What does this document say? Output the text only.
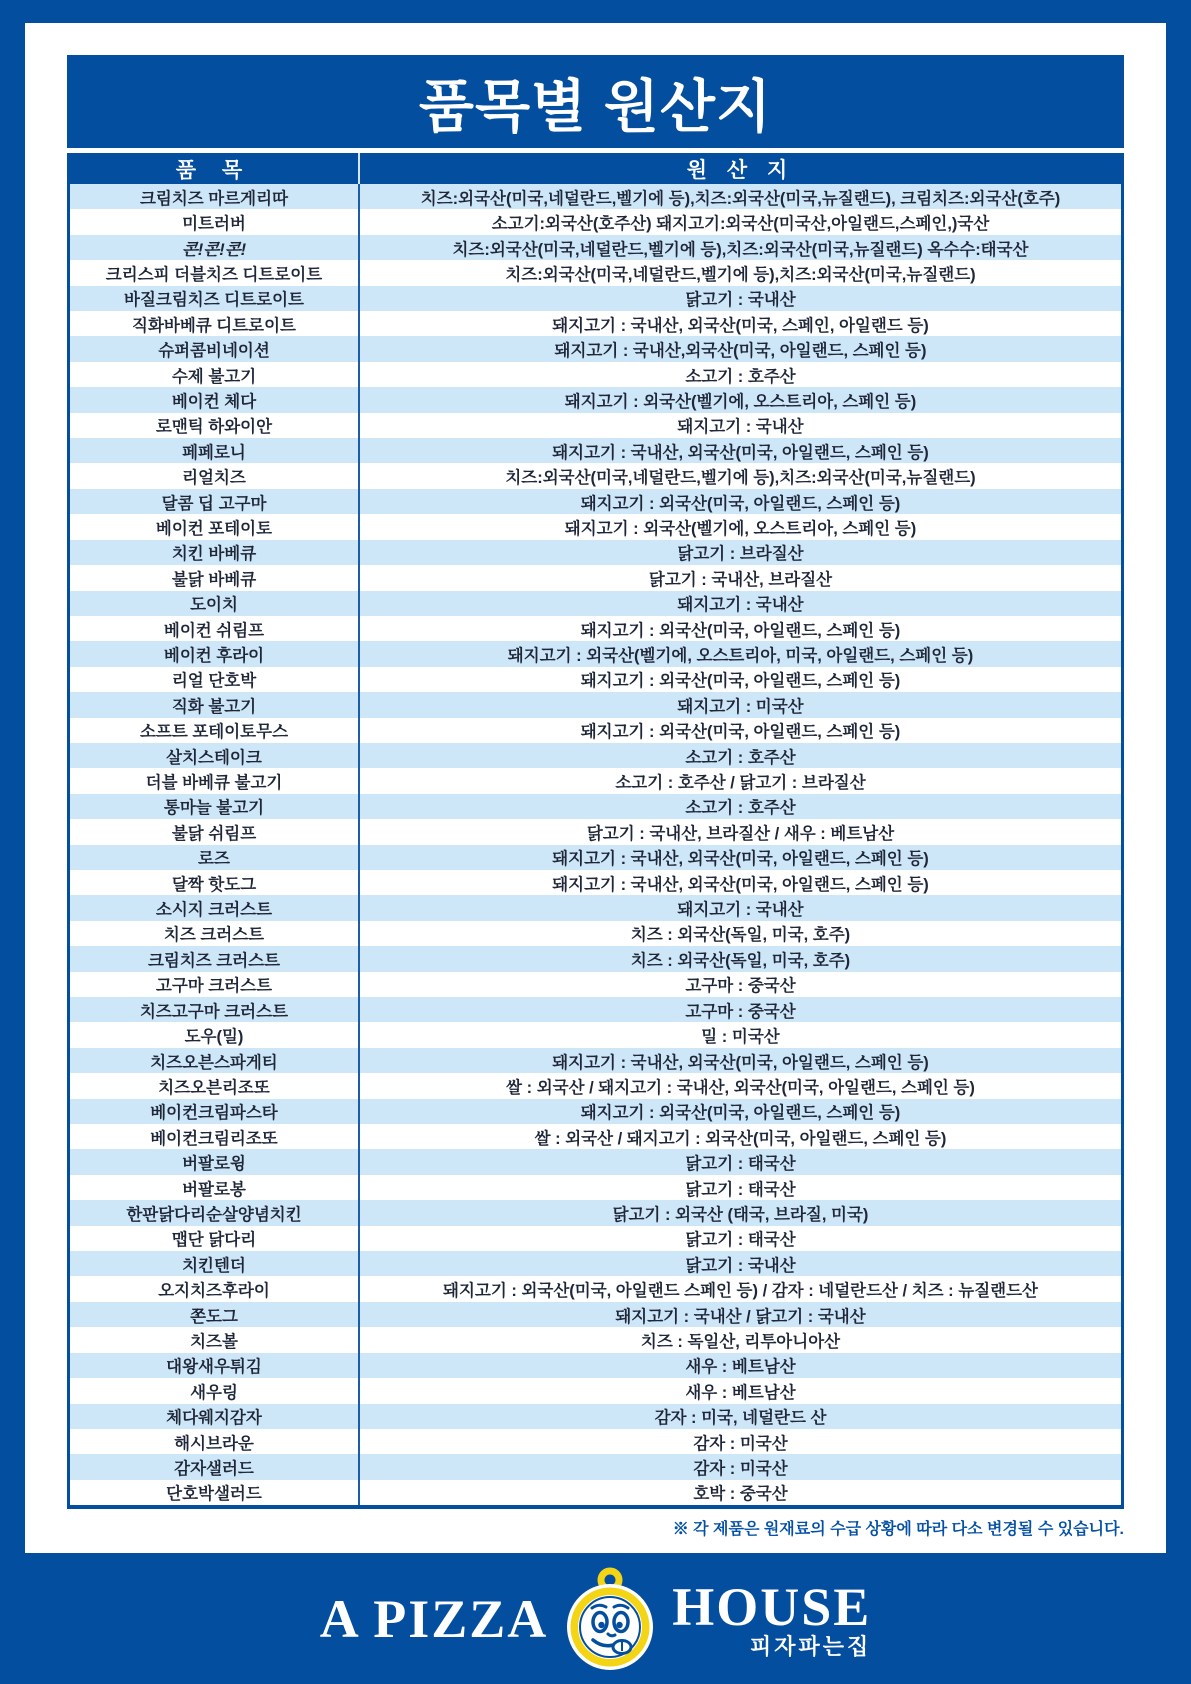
품목별 원산지
품 목	원 산 지
크림치즈 마르게리따	치즈:외국산(미국,네덜란드,벨기에 등),치즈:외국산(미국,뉴질랜드), 크림치즈:외국산(호주)
미트러버	소고기:외국산(호주산) 돼지고기:외국산(미국산,아일랜드,스페인,)국산
콘!콘!콘!	치즈:외국산(미국,네덜란드,벨기에 등),치즈:외국산(미국,뉴질랜드) 옥수수:태국산
크리스피 더블치즈 디트로이트	치즈:외국산(미국,네덜란드,벨기에 등),치즈:외국산(미국,뉴질랜드)
바질크림치즈 디트로이트	닭고기 : 국내산
직화바베큐 디트로이트	돼지고기 : 국내산, 외국산(미국, 스페인, 아일랜드 등)
슈퍼콤비네이션	돼지고기 : 국내산,외국산(미국, 아일랜드, 스페인 등)
수제 불고기	소고기 : 호주산
베이컨 체다	돼지고기 : 외국산(벨기에, 오스트리아, 스페인 등)
로맨틱 하와이안	돼지고기 : 국내산
페페로니	돼지고기 : 국내산, 외국산(미국, 아일랜드, 스페인 등)
리얼치즈	치즈:외국산(미국,네덜란드,벨기에 등),치즈:외국산(미국,뉴질랜드)
달콤 딥 고구마	돼지고기 : 외국산(미국, 아일랜드, 스페인 등)
베이컨 포테이토	돼지고기 : 외국산(벨기에, 오스트리아, 스페인 등)
치킨 바베큐	닭고기 : 브라질산
불닭 바베큐	닭고기 : 국내산, 브라질산
도이치	돼지고기 : 국내산
베이컨 쉬림프	돼지고기 : 외국산(미국, 아일랜드, 스페인 등)
베이컨 후라이	돼지고기 : 외국산(벨기에, 오스트리아, 미국, 아일랜드, 스페인 등)
리얼 단호박	돼지고기 : 외국산(미국, 아일랜드, 스페인 등)
직화 불고기	돼지고기 : 미국산
소프트 포테이토무스	돼지고기 : 외국산(미국, 아일랜드, 스페인 등)
살치스테이크	소고기 : 호주산
더블 바베큐 불고기	소고기 : 호주산 / 닭고기 : 브라질산
통마늘 불고기	소고기 : 호주산
불닭 쉬림프	닭고기 : 국내산, 브라질산 / 새우 : 베트남산
로즈	돼지고기 : 국내산, 외국산(미국, 아일랜드, 스페인 등)
달짝 핫도그	돼지고기 : 국내산, 외국산(미국, 아일랜드, 스페인 등)
소시지 크러스트	돼지고기 : 국내산
치즈 크러스트	치즈 : 외국산(독일, 미국, 호주)
크림치즈 크러스트	치즈 : 외국산(독일, 미국, 호주)
고구마 크러스트	고구마 : 중국산
치즈고구마 크러스트	고구마 : 중국산
도우(밀)	밀 : 미국산
치즈오븐스파게티	돼지고기 : 국내산, 외국산(미국, 아일랜드, 스페인 등)
치즈오븐리조또	쌀 : 외국산 / 돼지고기 : 국내산, 외국산(미국, 아일랜드, 스페인 등)
베이컨크림파스타	돼지고기 : 외국산(미국, 아일랜드, 스페인 등)
베이컨크림리조또	쌀 : 외국산 / 돼지고기 : 외국산(미국, 아일랜드, 스페인 등)
버팔로윙	닭고기 : 태국산
버팔로봉	닭고기 : 태국산
한판닭다리순살양념치킨	닭고기 : 외국산 (태국, 브라질, 미국)
맵단 닭다리	닭고기 : 태국산
치킨텐더	닭고기 : 국내산
오지치즈후라이	돼지고기 : 외국산(미국, 아일랜드 스페인 등) / 감자 : 네덜란드산 / 치즈 : 뉴질랜드산
쫀도그	돼지고기 : 국내산 / 닭고기 : 국내산
치즈볼	치즈 : 독일산, 리투아니아산
대왕새우튀김	새우 : 베트남산
새우링	새우 : 베트남산
체다웨지감자	감자 : 미국, 네덜란드 산
해시브라운	감자 : 미국산
감자샐러드	감자 : 미국산
단호박샐러드	호박 : 중국산
※ 각 제품은 원재료의 수급 상황에 따라 다소 변경될 수 있습니다.
A PIZZA HOUSE
피자파는집
